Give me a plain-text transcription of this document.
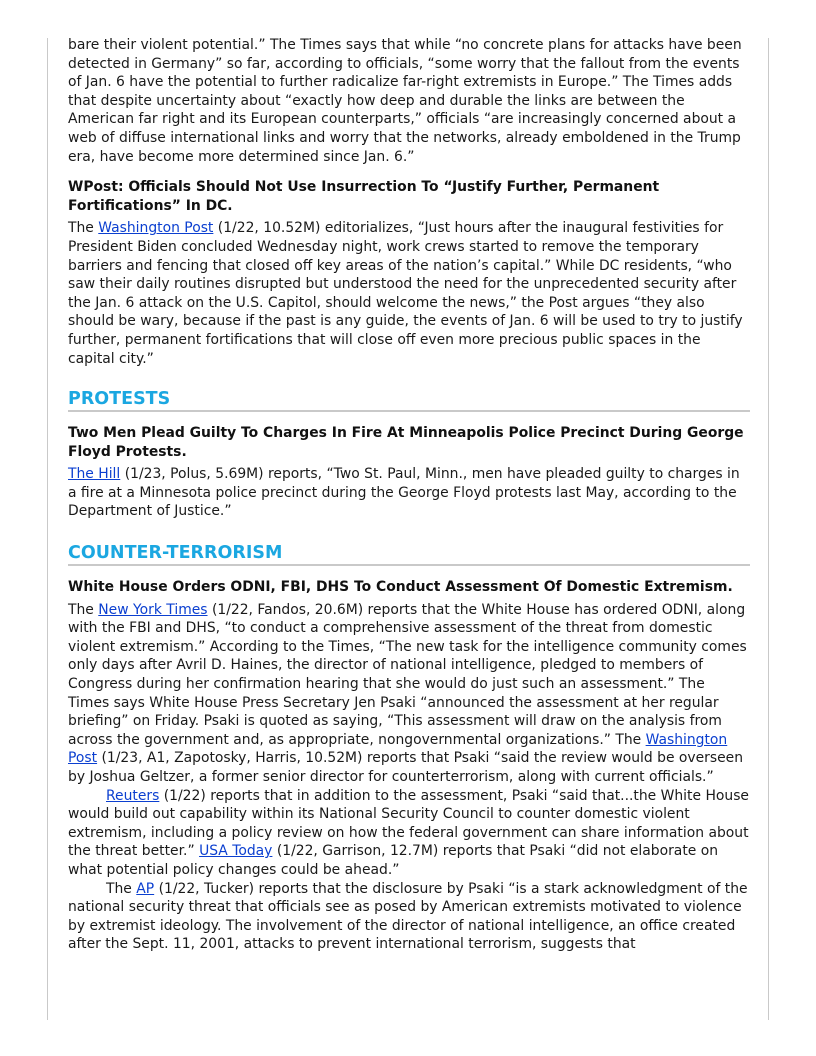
bare their violent potential.” The Times says that while “no concrete plans for attacks have been detected in Germany” so far, according to officials, “some worry that the fallout from the events of Jan. 6 have the potential to further radicalize far-right extremists in Europe.” The Times adds that despite uncertainty about “exactly how deep and durable the links are between the American far right and its European counterparts,” officials “are increasingly concerned about a web of diffuse international links and worry that the networks, already emboldened in the Trump era, have become more determined since Jan. 6.”

WPost: Officials Should Not Use Insurrection To “Justify Further, Permanent Fortifications” In DC.

The Washington Post (1/22, 10.52M) editorializes, “Just hours after the inaugural festivities for President Biden concluded Wednesday night, work crews started to remove the temporary barriers and fencing that closed off key areas of the nation’s capital.” While DC residents, “who saw their daily routines disrupted but understood the need for the unprecedented security after the Jan. 6 attack on the U.S. Capitol, should welcome the news,” the Post argues “they also should be wary, because if the past is any guide, the events of Jan. 6 will be used to try to justify further, permanent fortifications that will close off even more precious public spaces in the capital city.”

PROTESTS
Two Men Plead Guilty To Charges In Fire At Minneapolis Police Precinct During George Floyd Protests.

The Hill (1/23, Polus, 5.69M) reports, “Two St. Paul, Minn., men have pleaded guilty to charges in a fire at a Minnesota police precinct during the George Floyd protests last May, according to the Department of Justice.”

COUNTER-TERRORISM
White House Orders ODNI, FBI, DHS To Conduct Assessment Of Domestic Extremism.

The New York Times (1/22, Fandos, 20.6M) reports that the White House has ordered ODNI, along with the FBI and DHS, “to conduct a comprehensive assessment of the threat from domestic violent extremism.” According to the Times, “The new task for the intelligence community comes only days after Avril D. Haines, the director of national intelligence, pledged to members of Congress during her confirmation hearing that she would do just such an assessment.” The Times says White House Press Secretary Jen Psaki “announced the assessment at her regular briefing” on Friday. Psaki is quoted as saying, “This assessment will draw on the analysis from across the government and, as appropriate, nongovernmental organizations.” The Washington Post (1/23, A1, Zapotosky, Harris, 10.52M) reports that Psaki “said the review would be overseen by Joshua Geltzer, a former senior director for counterterrorism, along with current officials.”

Reuters (1/22) reports that in addition to the assessment, Psaki “said that...the White House would build out capability within its National Security Council to counter domestic violent extremism, including a policy review on how the federal government can share information about the threat better.” USA Today (1/22, Garrison, 12.7M) reports that Psaki “did not elaborate on what potential policy changes could be ahead.”

The AP (1/22, Tucker) reports that the disclosure by Psaki “is a stark acknowledgment of the national security threat that officials see as posed by American extremists motivated to violence by extremist ideology. The involvement of the director of national intelligence, an office created after the Sept. 11, 2001, attacks to prevent international terrorism, suggests that
